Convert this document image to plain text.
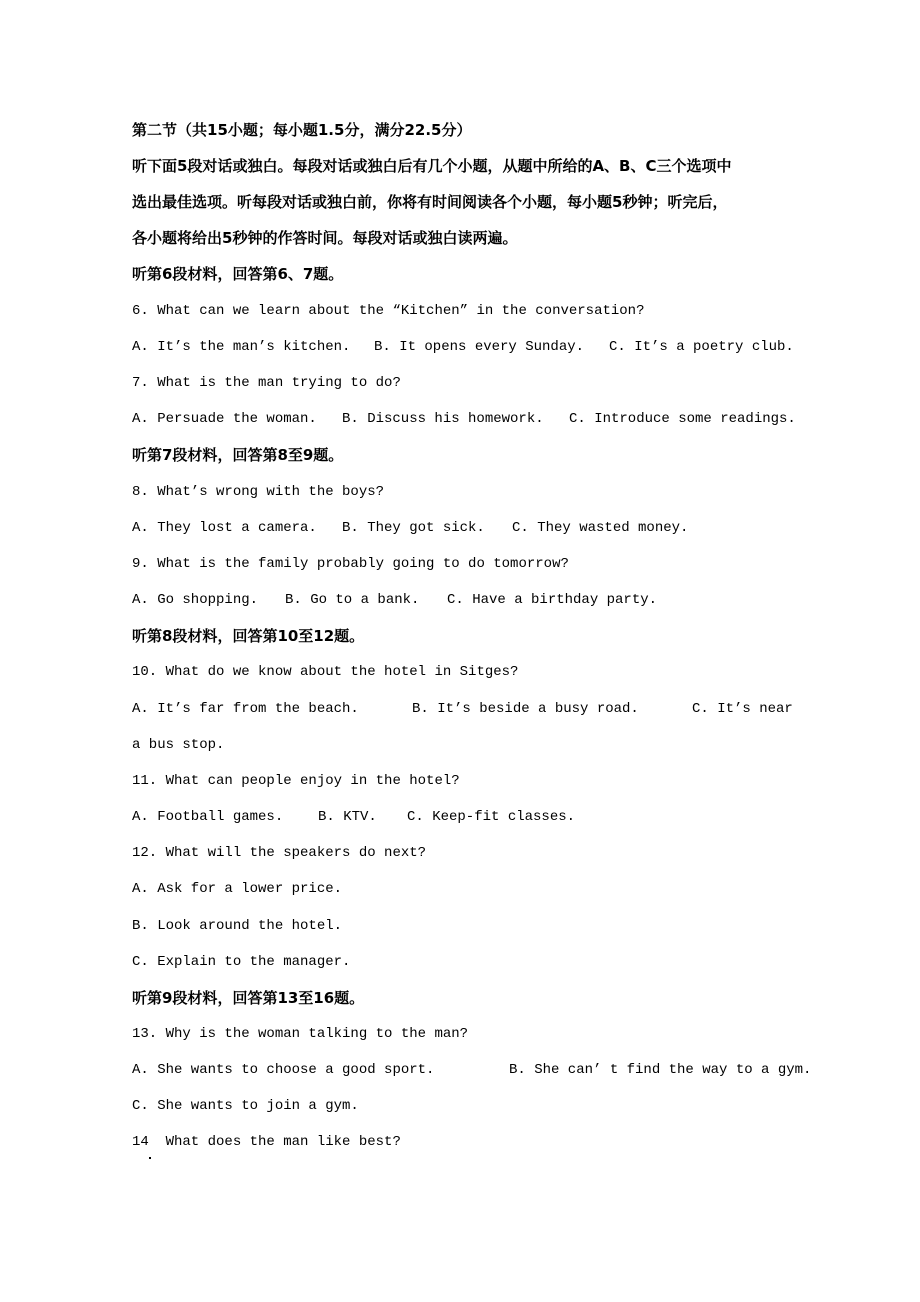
第二节（共15小题；每小题1.5分，满分22.5分）
听下面5段对话或独白。每段对话或独白后有几个小题，从题中所给的A、B、C三个选项中
选出最佳选项。听每段对话或独白前，你将有时间阅读各个小题，每小题5秒钟；听完后，
各小题将给出5秒钟的作答时间。每段对话或独白读两遍。
听第6段材料，回答第6、7题。
6. What can we learn about the “Kitchen” in the conversation?

A. It’s the man’s kitchen.

B. It opens every Sunday.

C. It’s a poetry club.

7. What is the man trying to do?

A. Persuade the woman.

B. Discuss his homework.

C. Introduce some readings.

听第7段材料，回答第8至9题。
8. What’s wrong with the boys?

A. They lost a camera.

B. They got sick.

C. They wasted money.

9. What is the family probably going to do tomorrow?

A. Go shopping.

B. Go to a bank.

C. Have a birthday party.

听第8段材料，回答第10至12题。
10. What do we know about the hotel in Sitges?

A. It’s far from the beach.

	B. It’s beside a busy road.

	C. It’s near

a bus stop.
11. What can people enjoy in the hotel?

A. Football games.

B. KTV.

C. Keep-fit classes.

12. What will the speakers do next?
A. Ask for a lower price.
B. Look around the hotel.
C. Explain to the manager.
听第9段材料，回答第13至16题。
13. Why is the woman talking to the man?

A. She wants to choose a good sport.

	B. She can’ t find the way to a gym.

C. She wants to join a gym.
14  What does the man like best?
